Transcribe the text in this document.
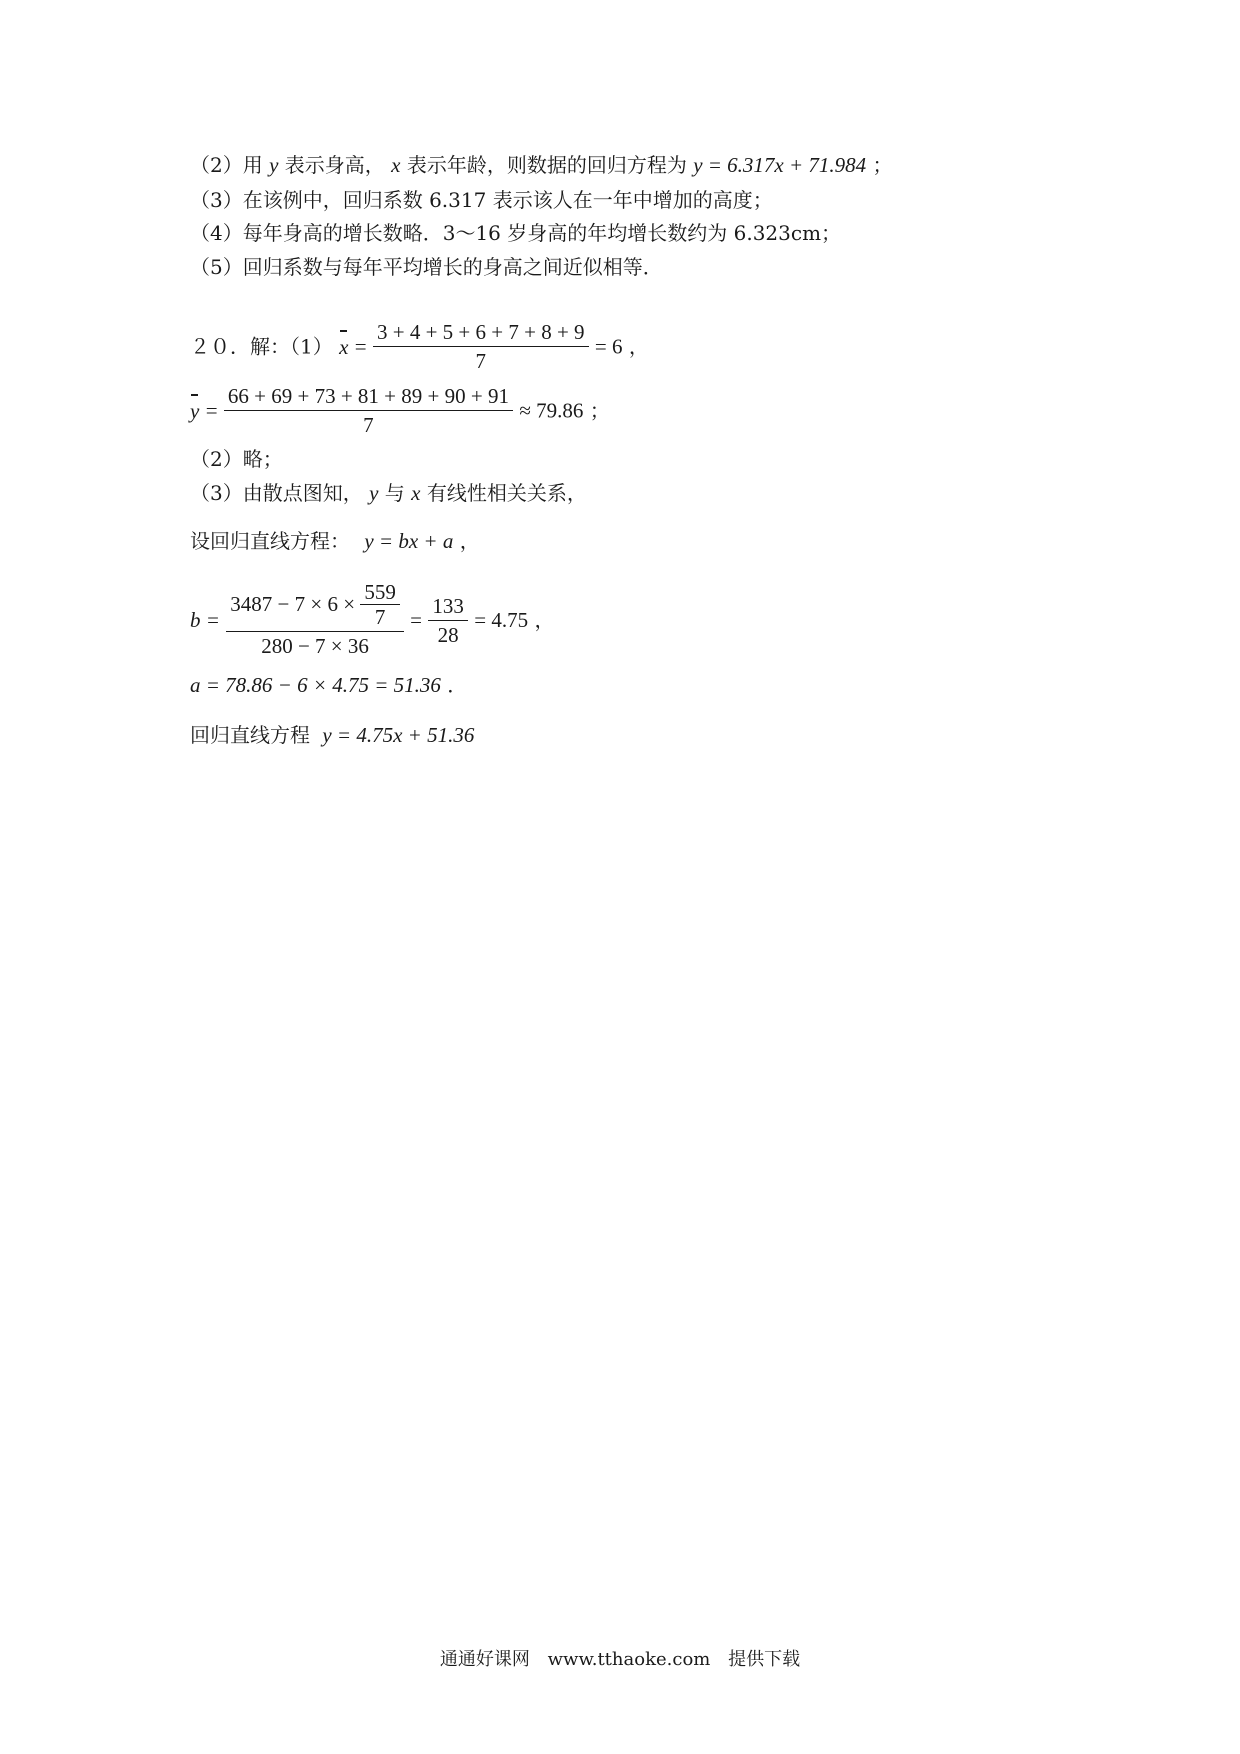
（2）用 y 表示身高， x 表示年龄，则数据的回归方程为 y = 6.317x + 71.984 ；
（3）在该例中，回归系数 6.317 表示该人在一年中增加的高度；
（4）每年身高的增长数略．3～16 岁身高的年均增长数约为 6.323cm；
（5）回归系数与每年平均增长的身高之间近似相等．
２０．解：（1） $x = \frac{3 + 4 + 5 + 6 + 7 + 8 + 9}{7} = 6$ ，
$y = \frac{66 + 69 + 73 + 81 + 89 + 90 + 91}{7} \approx 79.86$ ；
（2）略；
（3）由散点图知， y 与 x 有线性相关关系，
设回归直线方程： y = bx + a ，
$b = \frac{3487 - 7 \times 6 \times \frac{559}{7}}{280 - 7 \times 36} = \frac{133}{28} = 4.75$ ，
a = 78.86 − 6 × 4.75 = 51.36 ．
回归直线方程 y = 4.75x + 51.36
通通好课网 www.tthaoke.com 提供下载
